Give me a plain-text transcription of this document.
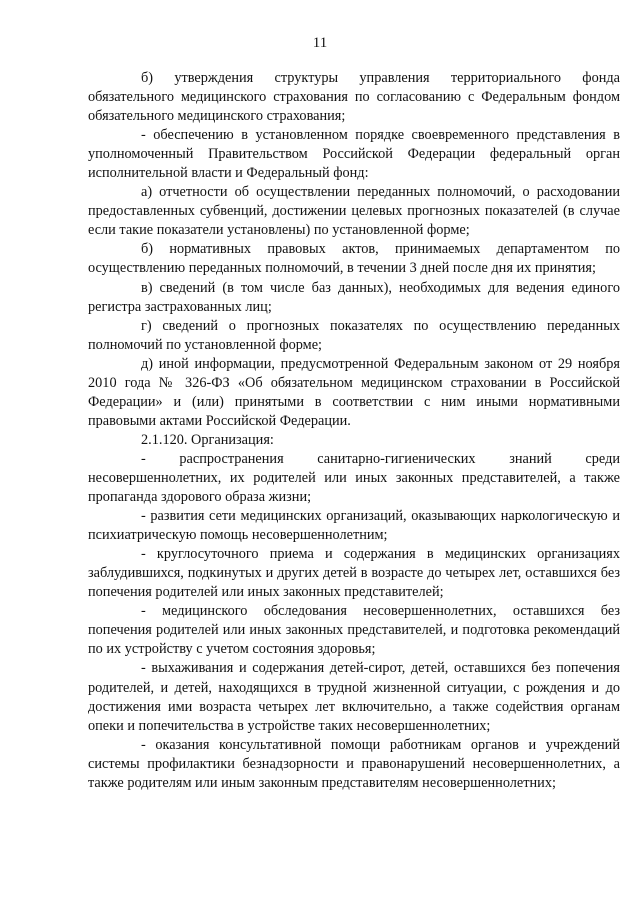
11

б) утверждения структуры управления территориального фонда обязательного медицинского страхования по согласованию с Федеральным фондом обязательного медицинского страхования;

- обеспечению в установленном порядке своевременного представления в уполномоченный Правительством Российской Федерации федеральный орган исполнительной власти и Федеральный фонд:

а) отчетности об осуществлении переданных полномочий, о расходовании предоставленных субвенций, достижении целевых прогнозных показателей (в случае если такие показатели установлены) по установленной форме;

б) нормативных правовых актов, принимаемых департаментом по осуществлению переданных полномочий, в течении 3 дней после дня их принятия;

в) сведений (в том числе баз данных), необходимых для ведения единого регистра застрахованных лиц;

г) сведений о прогнозных показателях по осуществлению переданных полномочий по установленной форме;

д) иной информации, предусмотренной Федеральным законом от 29 ноября 2010 года № 326-ФЗ «Об обязательном медицинском страховании в Российской Федерации» и (или) принятыми в соответствии с ним иными нормативными правовыми актами Российской Федерации.

2.1.120. Организация:

- распространения санитарно-гигиенических знаний среди несовершеннолетних, их родителей или иных законных представителей, а также пропаганда здорового образа жизни;

- развития сети медицинских организаций, оказывающих наркологическую и психиатрическую помощь несовершеннолетним;

- круглосуточного приема и содержания в медицинских организациях заблудившихся, подкинутых и других детей в возрасте до четырех лет, оставшихся без попечения родителей или иных законных представителей;

- медицинского обследования несовершеннолетних, оставшихся без попечения родителей или иных законных представителей, и подготовка рекомендаций по их устройству с учетом состояния здоровья;

- выхаживания и содержания детей-сирот, детей, оставшихся без попечения родителей, и детей, находящихся в трудной жизненной ситуации, с рождения и до достижения ими возраста четырех лет включительно, а также содействия органам опеки и попечительства в устройстве таких несовершеннолетних;

- оказания консультативной помощи работникам органов и учреждений системы профилактики безнадзорности и правонарушений несовершеннолетних, а также родителям или иным законным представителям несовершеннолетних;
